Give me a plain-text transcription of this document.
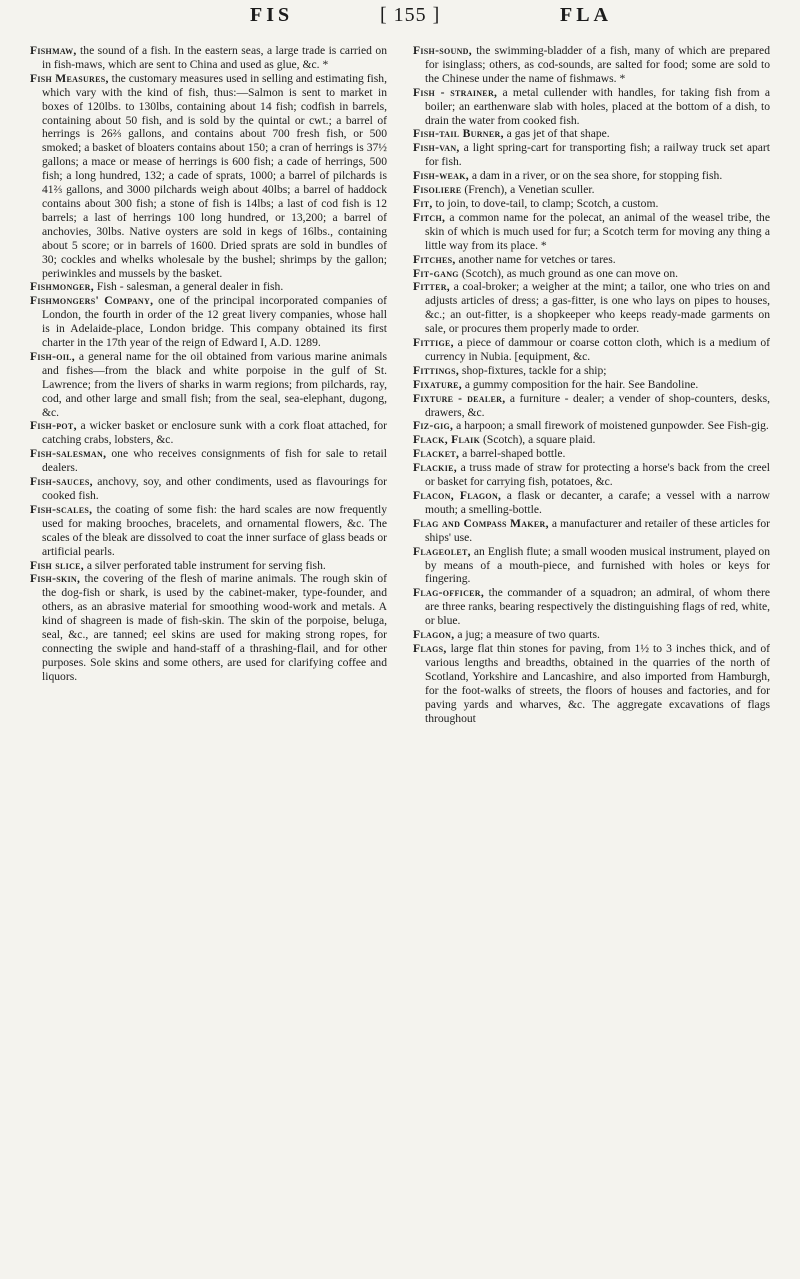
FIS	[ 155 ]	FLA

Fishmaw, the sound of a fish. In the eastern seas, a large trade is carried on in fish-maws, which are sent to China and used as glue, &c. *

Fish Measures, the customary measures used in selling and estimating fish, which vary with the kind of fish, thus:—Salmon is sent to market in boxes of 120lbs. to 130lbs, containing about 14 fish; codfish in barrels, containing about 50 fish, and is sold by the quintal or cwt.; a barrel of herrings is 26⅔ gallons, and contains about 700 fresh fish, or 500 smoked; a basket of bloaters contains about 150; a cran of herrings is 37½ gallons; a mace or mease of herrings is 600 fish; a cade of herrings, 500 fish; a long hundred, 132; a cade of sprats, 1000; a barrel of pilchards is 41⅔ gallons, and 3000 pilchards weigh about 40lbs; a barrel of haddock contains about 300 fish; a stone of fish is 14lbs; a last of cod fish is 12 barrels; a last of herrings 100 long hundred, or 13,200; a barrel of anchovies, 30lbs. Native oysters are sold in kegs of 16lbs., containing about 5 score; or in barrels of 1600. Dried sprats are sold in bundles of 30; cockles and whelks wholesale by the bushel; shrimps by the gallon; periwinkles and mussels by the basket.

Fishmonger, Fish - salesman, a general dealer in fish.

Fishmongers' Company, one of the principal incorporated companies of London, the fourth in order of the 12 great livery companies, whose hall is in Adelaide-place, London bridge. This company obtained its first charter in the 17th year of the reign of Edward I, A.D. 1289.

Fish-oil, a general name for the oil obtained from various marine animals and fishes—from the black and white porpoise in the gulf of St. Lawrence; from the livers of sharks in warm regions; from pilchards, ray, cod, and other large and small fish; from the seal, sea-elephant, dugong, &c.

Fish-pot, a wicker basket or enclosure sunk with a cork float attached, for catching crabs, lobsters, &c.

Fish-salesman, one who receives consignments of fish for sale to retail dealers.

Fish-sauces, anchovy, soy, and other condiments, used as flavourings for cooked fish.

Fish-scales, the coating of some fish: the hard scales are now frequently used for making brooches, bracelets, and ornamental flowers, &c. The scales of the bleak are dissolved to coat the inner surface of glass beads or artificial pearls.

Fish slice, a silver perforated table instrument for serving fish.

Fish-skin, the covering of the flesh of marine animals. The rough skin of the dog-fish or shark, is used by the cabinet-maker, type-founder, and others, as an abrasive material for smoothing wood-work and metals. A kind of shagreen is made of fish-skin. The skin of the porpoise, beluga, seal, &c., are tanned; eel skins are used for making strong ropes, for connecting the swiple and hand-staff of a thrashing-flail, and for other purposes. Sole skins and some others, are used for clarifying coffee and liquors.

Fish-sound, the swimming-bladder of a fish, many of which are prepared for isinglass; others, as cod-sounds, are salted for food; some are sold to the Chinese under the name of fishmaws. *

Fish - strainer, a metal cullender with handles, for taking fish from a boiler; an earthenware slab with holes, placed at the bottom of a dish, to drain the water from cooked fish.

Fish-tail Burner, a gas jet of that shape.

Fish-van, a light spring-cart for transporting fish; a railway truck set apart for fish.

Fish-weak, a dam in a river, or on the sea shore, for stopping fish.

Fisoliere (French), a Venetian sculler.

Fit, to join, to dove-tail, to clamp; Scotch, a custom.

Fitch, a common name for the polecat, an animal of the weasel tribe, the skin of which is much used for fur; a Scotch term for moving any thing a little way from its place. *

Fitches, another name for vetches or tares.

Fit-gang (Scotch), as much ground as one can move on.

Fitter, a coal-broker; a weigher at the mint; a tailor, one who tries on and adjusts articles of dress; a gas-fitter, is one who lays on pipes to houses, &c.; an out-fitter, is a shopkeeper who keeps ready-made garments on sale, or procures them properly made to order.

Fittige, a piece of dammour or coarse cotton cloth, which is a medium of currency in Nubia. [equipment, &c.

Fittings, shop-fixtures, tackle for a ship;

Fixature, a gummy composition for the hair. See Bandoline.

Fixture - dealer, a furniture - dealer; a vender of shop-counters, desks, drawers, &c.

Fiz-gig, a harpoon; a small firework of moistened gunpowder. See Fish-gig.

Flack, Flaik (Scotch), a square plaid.

Flacket, a barrel-shaped bottle.

Flackie, a truss made of straw for protecting a horse's back from the creel or basket for carrying fish, potatoes, &c.

Flacon, Flagon, a flask or decanter, a carafe; a vessel with a narrow mouth; a smelling-bottle.

Flag and Compass Maker, a manufacturer and retailer of these articles for ships' use.

Flageolet, an English flute; a small wooden musical instrument, played on by means of a mouth-piece, and furnished with holes or keys for fingering.

Flag-officer, the commander of a squadron; an admiral, of whom there are three ranks, bearing respectively the distinguishing flags of red, white, or blue.

Flagon, a jug; a measure of two quarts.

Flags, large flat thin stones for paving, from 1½ to 3 inches thick, and of various lengths and breadths, obtained in the quarries of the north of Scotland, Yorkshire and Lancashire, and also imported from Hamburgh, for the foot-walks of streets, the floors of houses and factories, and for paving yards and wharves, &c. The aggregate excavations of flags throughout
